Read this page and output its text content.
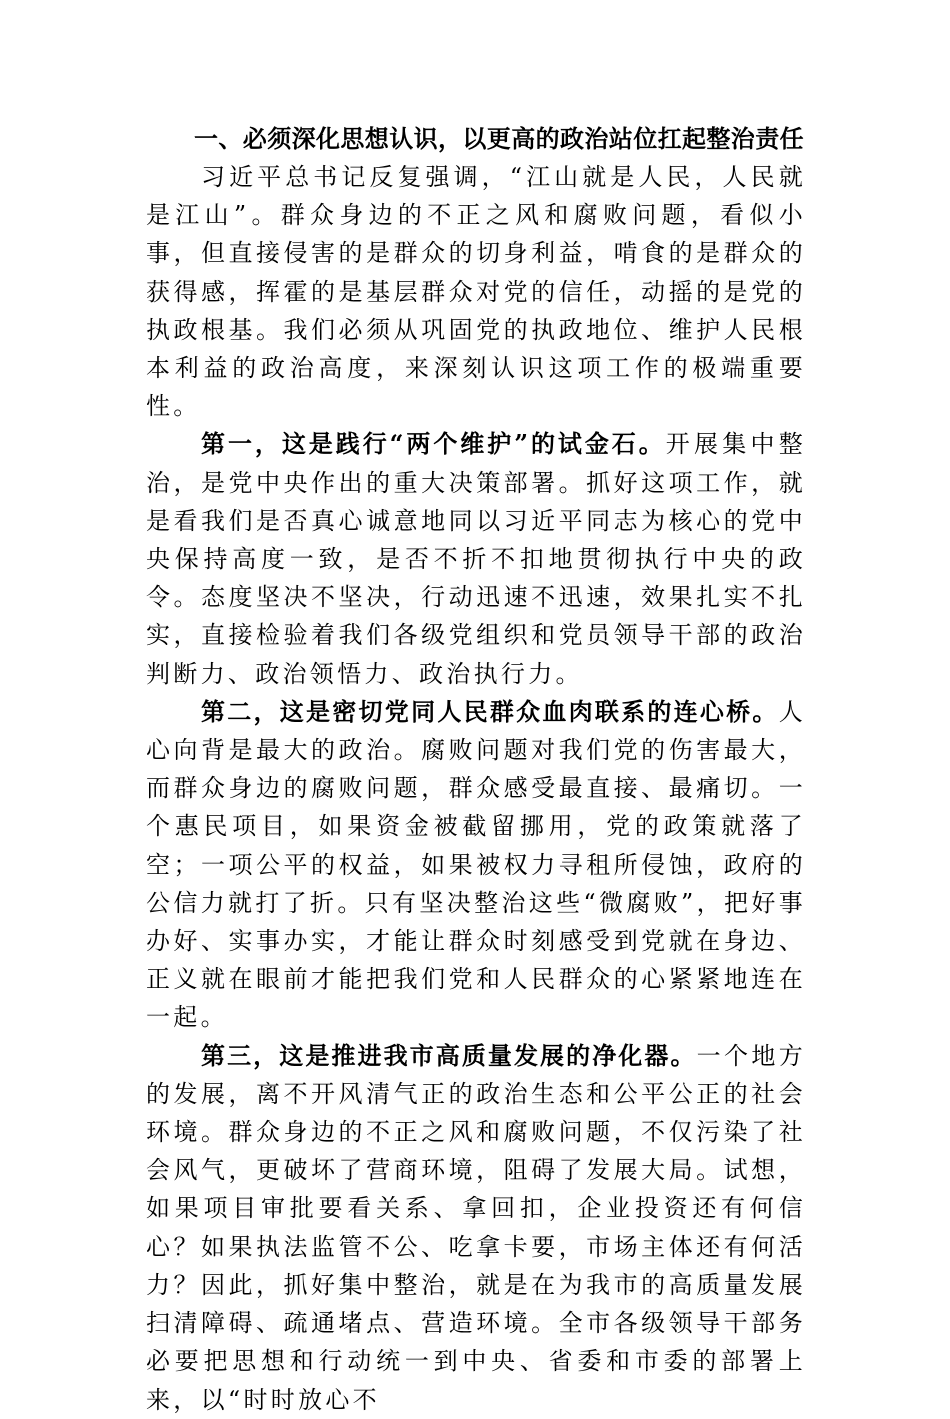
一、必须深化思想认识，以更高的政治站位扛起整治责任

习近平总书记反复强调，“江山就是人民，人民就是江山”。群众身边的不正之风和腐败问题，看似小事，但直接侵害的是群众的切身利益，啃食的是群众的获得感，挥霍的是基层群众对党的信任，动摇的是党的执政根基。我们必须从巩固党的执政地位、维护人民根本利益的政治高度，来深刻认识这项工作的极端重要性。

第一，这是践行“两个维护”的试金石。开展集中整治，是党中央作出的重大决策部署。抓好这项工作，就是看我们是否真心诚意地同以习近平同志为核心的党中央保持高度一致，是否不折不扣地贯彻执行中央的政令。态度坚决不坚决，行动迅速不迅速，效果扎实不扎实，直接检验着我们各级党组织和党员领导干部的政治判断力、政治领悟力、政治执行力。

第二，这是密切党同人民群众血肉联系的连心桥。人心向背是最大的政治。腐败问题对我们党的伤害最大，而群众身边的腐败问题，群众感受最直接、最痛切。一个惠民项目，如果资金被截留挪用，党的政策就落了空；一项公平的权益，如果被权力寻租所侵蚀，政府的公信力就打了折。只有坚决整治这些“微腐败”，把好事办好、实事办实，才能让群众时刻感受到党就在身边、正义就在眼前才能把我们党和人民群众的心紧紧地连在一起。

第三，这是推进我市高质量发展的净化器。一个地方的发展，离不开风清气正的政治生态和公平公正的社会环境。群众身边的不正之风和腐败问题，不仅污染了社会风气，更破坏了营商环境，阻碍了发展大局。试想，如果项目审批要看关系、拿回扣，企业投资还有何信心？如果执法监管不公、吃拿卡要，市场主体还有何活力？因此，抓好集中整治，就是在为我市的高质量发展扫清障碍、疏通堵点、营造环境。全市各级领导干部务必要把思想和行动统一到中央、省委和市委的部署上来，以“时时放心不
